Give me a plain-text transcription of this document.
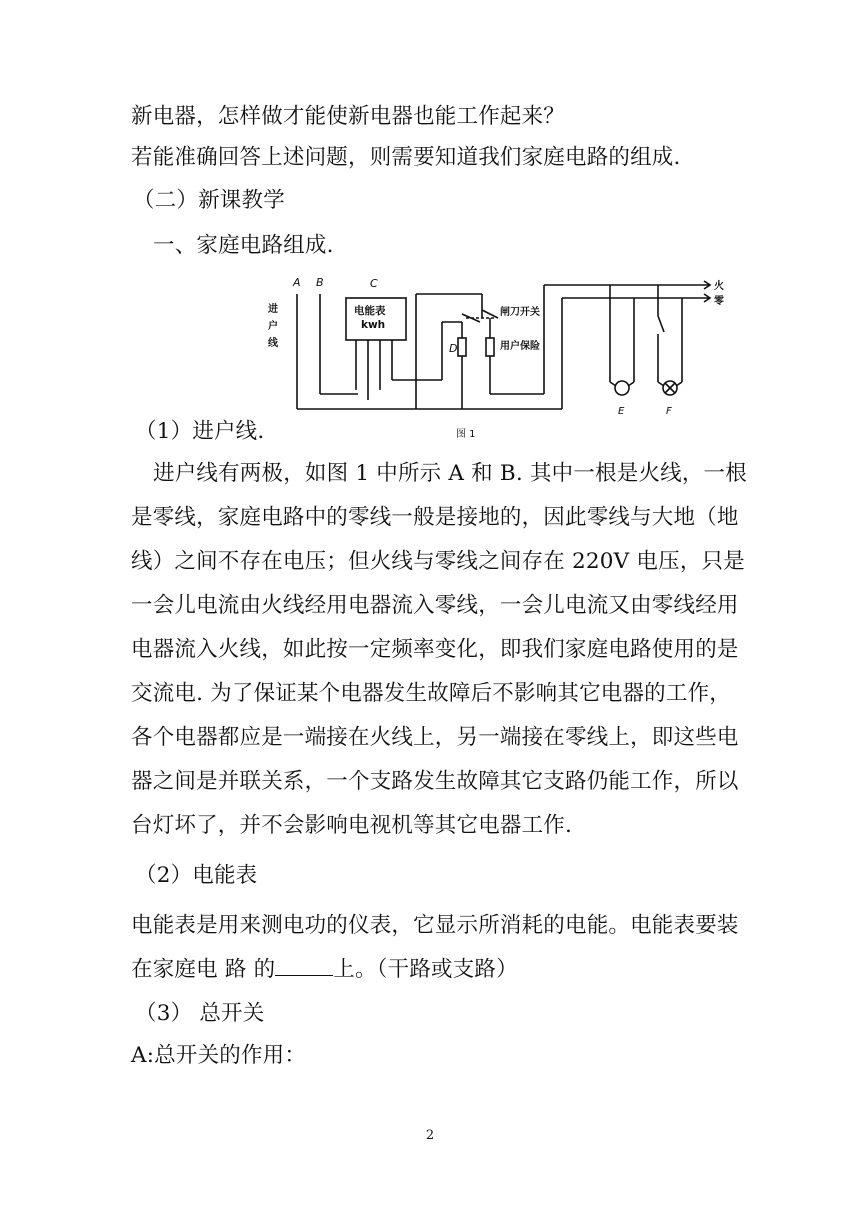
新电器，怎样做才能使新电器也能工作起来？
若能准确回答上述问题，则需要知道我们家庭电路的组成.
（二）新课教学
一、家庭电路组成.
A B	C
D
E	F
电能表
kwh
闸刀开关
用户保险
进
户
线
火
零
图 1
（1）进户线.
进户线有两极，如图 1 中所示 A 和 B. 其中一根是火线，一根
是零线，家庭电路中的零线一般是接地的，因此零线与大地（地
线）之间不存在电压；但火线与零线之间存在 220V 电压，只是
一会儿电流由火线经用电器流入零线，一会儿电流又由零线经用
电器流入火线，如此按一定频率变化，即我们家庭电路使用的是
交流电. 为了保证某个电器发生故障后不影响其它电器的工作，
各个电器都应是一端接在火线上，另一端接在零线上，即这些电
器之间是并联关系，一个支路发生故障其它支路仍能工作，所以
台灯坏了，并不会影响电视机等其它电器工作.
（2）电能表
电能表是用来测电功的仪表，它显示所消耗的电能。电能表要装
在家庭电 路 的	上。（干路或支路）
（3） 总开关
A:总开关的作用：
2
